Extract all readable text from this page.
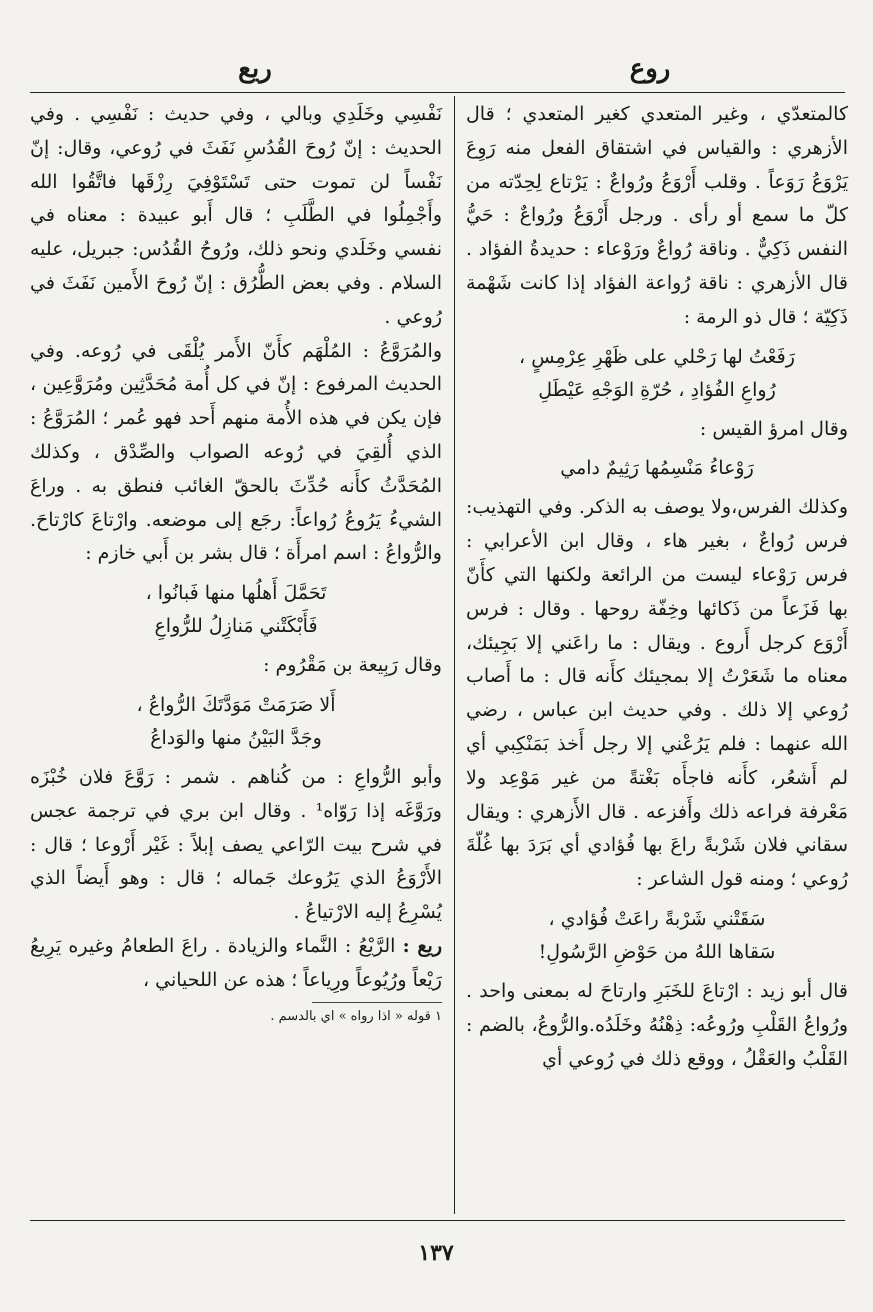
روع
ريع

كالمتعدّي ، وغير المتعدي كغير المتعدي ؛ قال الأزهري : والقياس في اشتقاق الفعل منه رَوِعَ يَرْوَعُ رَوَعاً . وقلب أَرْوَعُ ورُواعٌ : يَرْتاع لِحِدّته من كلّ ما سمع أو رأى . ورجل أَرْوَعُ ورُواعٌ : حَيُّ النفس ذَكِيٌّ . وناقة رُواعٌ ورَوْعاء : حديدةُ الفؤاد . قال الأزهري : ناقة رُواعة الفؤاد إذا كانت شَهْمة ذَكِيّة ؛ قال ذو الرمة :

رَفَعْتُ لها رَحْلي على ظَهْرِ عِرْمِسٍ ،
رُواعِ الفُؤادِ ، حُرّةِ الوَجْهِ عَيْطَلِ

وقال امرؤ القيس :

رَوْعاءُ مَنْسِمُها رَثِيمٌ دامي

وكذلك الفرس،ولا يوصف به الذكر. وفي التهذيب: فرس رُواعٌ ، بغير هاء ، وقال ابن الأعرابي : فرس رَوْعاء ليست من الرائعة ولكنها التي كأَنّ بها فَزَعاً من ذَكائها وخِفّة روحها . وقال : فرس أَرْوَع كرجل أَروع . ويقال : ما راعَني إلا بَجِيئك، معناه ما شَعَرْتُ إلا بمجيئك كأَنه قال : ما أَصاب رُوعي إلا ذلك . وفي حديث ابن عباس ، رضي الله عنهما : فلم يَرُعْني إلا رجل أَخذ بَمَنْكِبي أي لم أَشعُر، كأَنه فاجأَه بَغْتةً من غير مَوْعِد ولا مَعْرفة فراعه ذلك وأَفزعه . قال الأَزهري : ويقال سقاني فلان شَرْبةً راعَ بها فُؤادي أي بَرَدَ بها غُلّةَ رُوعي ؛ ومنه قول الشاعر :

سَقَتْني شَرْبةً راعَتْ فُؤادي ،
سَقاها اللهُ من حَوْضِ الرَّسُولِ!

قال أبو زيد : ارْتاعَ للخَبَرِ وارتاحَ له بمعنى واحد . ورُواعُ القَلْبِ ورُوعُه: ذِهْنُهُ وخَلَدُه.والرُّوعُ، بالضم : القَلْبُ والعَقْلُ ، ووقع ذلك في رُوعي أي

نَفْسِي وخَلَدِي وبالي ، وفي حديث : نَفْسِي . وفي الحديث : إنّ رُوحَ القُدُسِ نَفَثَ في رُوعي، وقال: إنّ نَفْساً لن تموت حتى تَسْتَوْفِيَ رِزْقَها فاتَّقُوا الله وأَجْمِلُوا في الطَّلَبِ ؛ قال أَبو عبيدة : معناه في نفسي وخَلَدي ونحو ذلك، ورُوحُ القُدُس: جبريل، عليه السلام . وفي بعض الطُّرُق : إنّ رُوحَ الأَمين نَفَثَ في رُوعي .

والمُرَوَّعُ : المُلْهَم كأَنّ الأَمر يُلْقَى في رُوعه. وفي الحديث المرفوع : إنّ في كل أُمة مُحَدَّثِين ومُرَوَّعِين ، فإن يكن في هذه الأُمة منهم أَحد فهو عُمر ؛ المُرَوَّعُ : الذي أُلقِيَ في رُوعه الصواب والصِّدْق ، وكذلك المُحَدَّثُ كأَنه حُدِّثَ بالحقّ الغائب فنطق به . وراعَ الشيءُ يَرُوعُ رُواعاً: رجَع إلى موضعه. وارْتاعَ كارْتاحَ. والرُّواعُ : اسم امرأَة ؛ قال بشر بن أَبي خازم :

تَحَمَّلَ أَهلُها منها فَبانُوا ،
فَأَبْكَتْني مَنازِلُ للرُّواعِ

وقال رَبِيعة بن مَقْرُوم :

أَلا صَرَمَتْ مَوَدَّتَكَ الرُّواعُ ،
وجَدَّ البَيْنُ منها والوَداعُ

وأبو الرُّواعِ : من كُناهم . شمر : رَوَّعَ فلان خُبْزَه ورَوَّغَه إذا رَوّاه¹ . وقال ابن بري في ترجمة عجس في شرح بيت الرّاعي يصف إبلاً : غَيْر أَرْوعا ؛ قال : الأَرْوَعُ الذي يَرُوعك جَماله ؛ قال : وهو أَيضاً الذي يُسْرِعُ إليه الارْتياعُ .

ريع : الرَّيْعُ : النَّماء والزيادة . راعَ الطعامُ وغيره يَرِيعُ رَيْعاً ورُيُوعاً ورِياعاً ؛ هذه عن اللحياني ،

١ قوله « اذا رواه » اي بالدسم .
١٣٧
